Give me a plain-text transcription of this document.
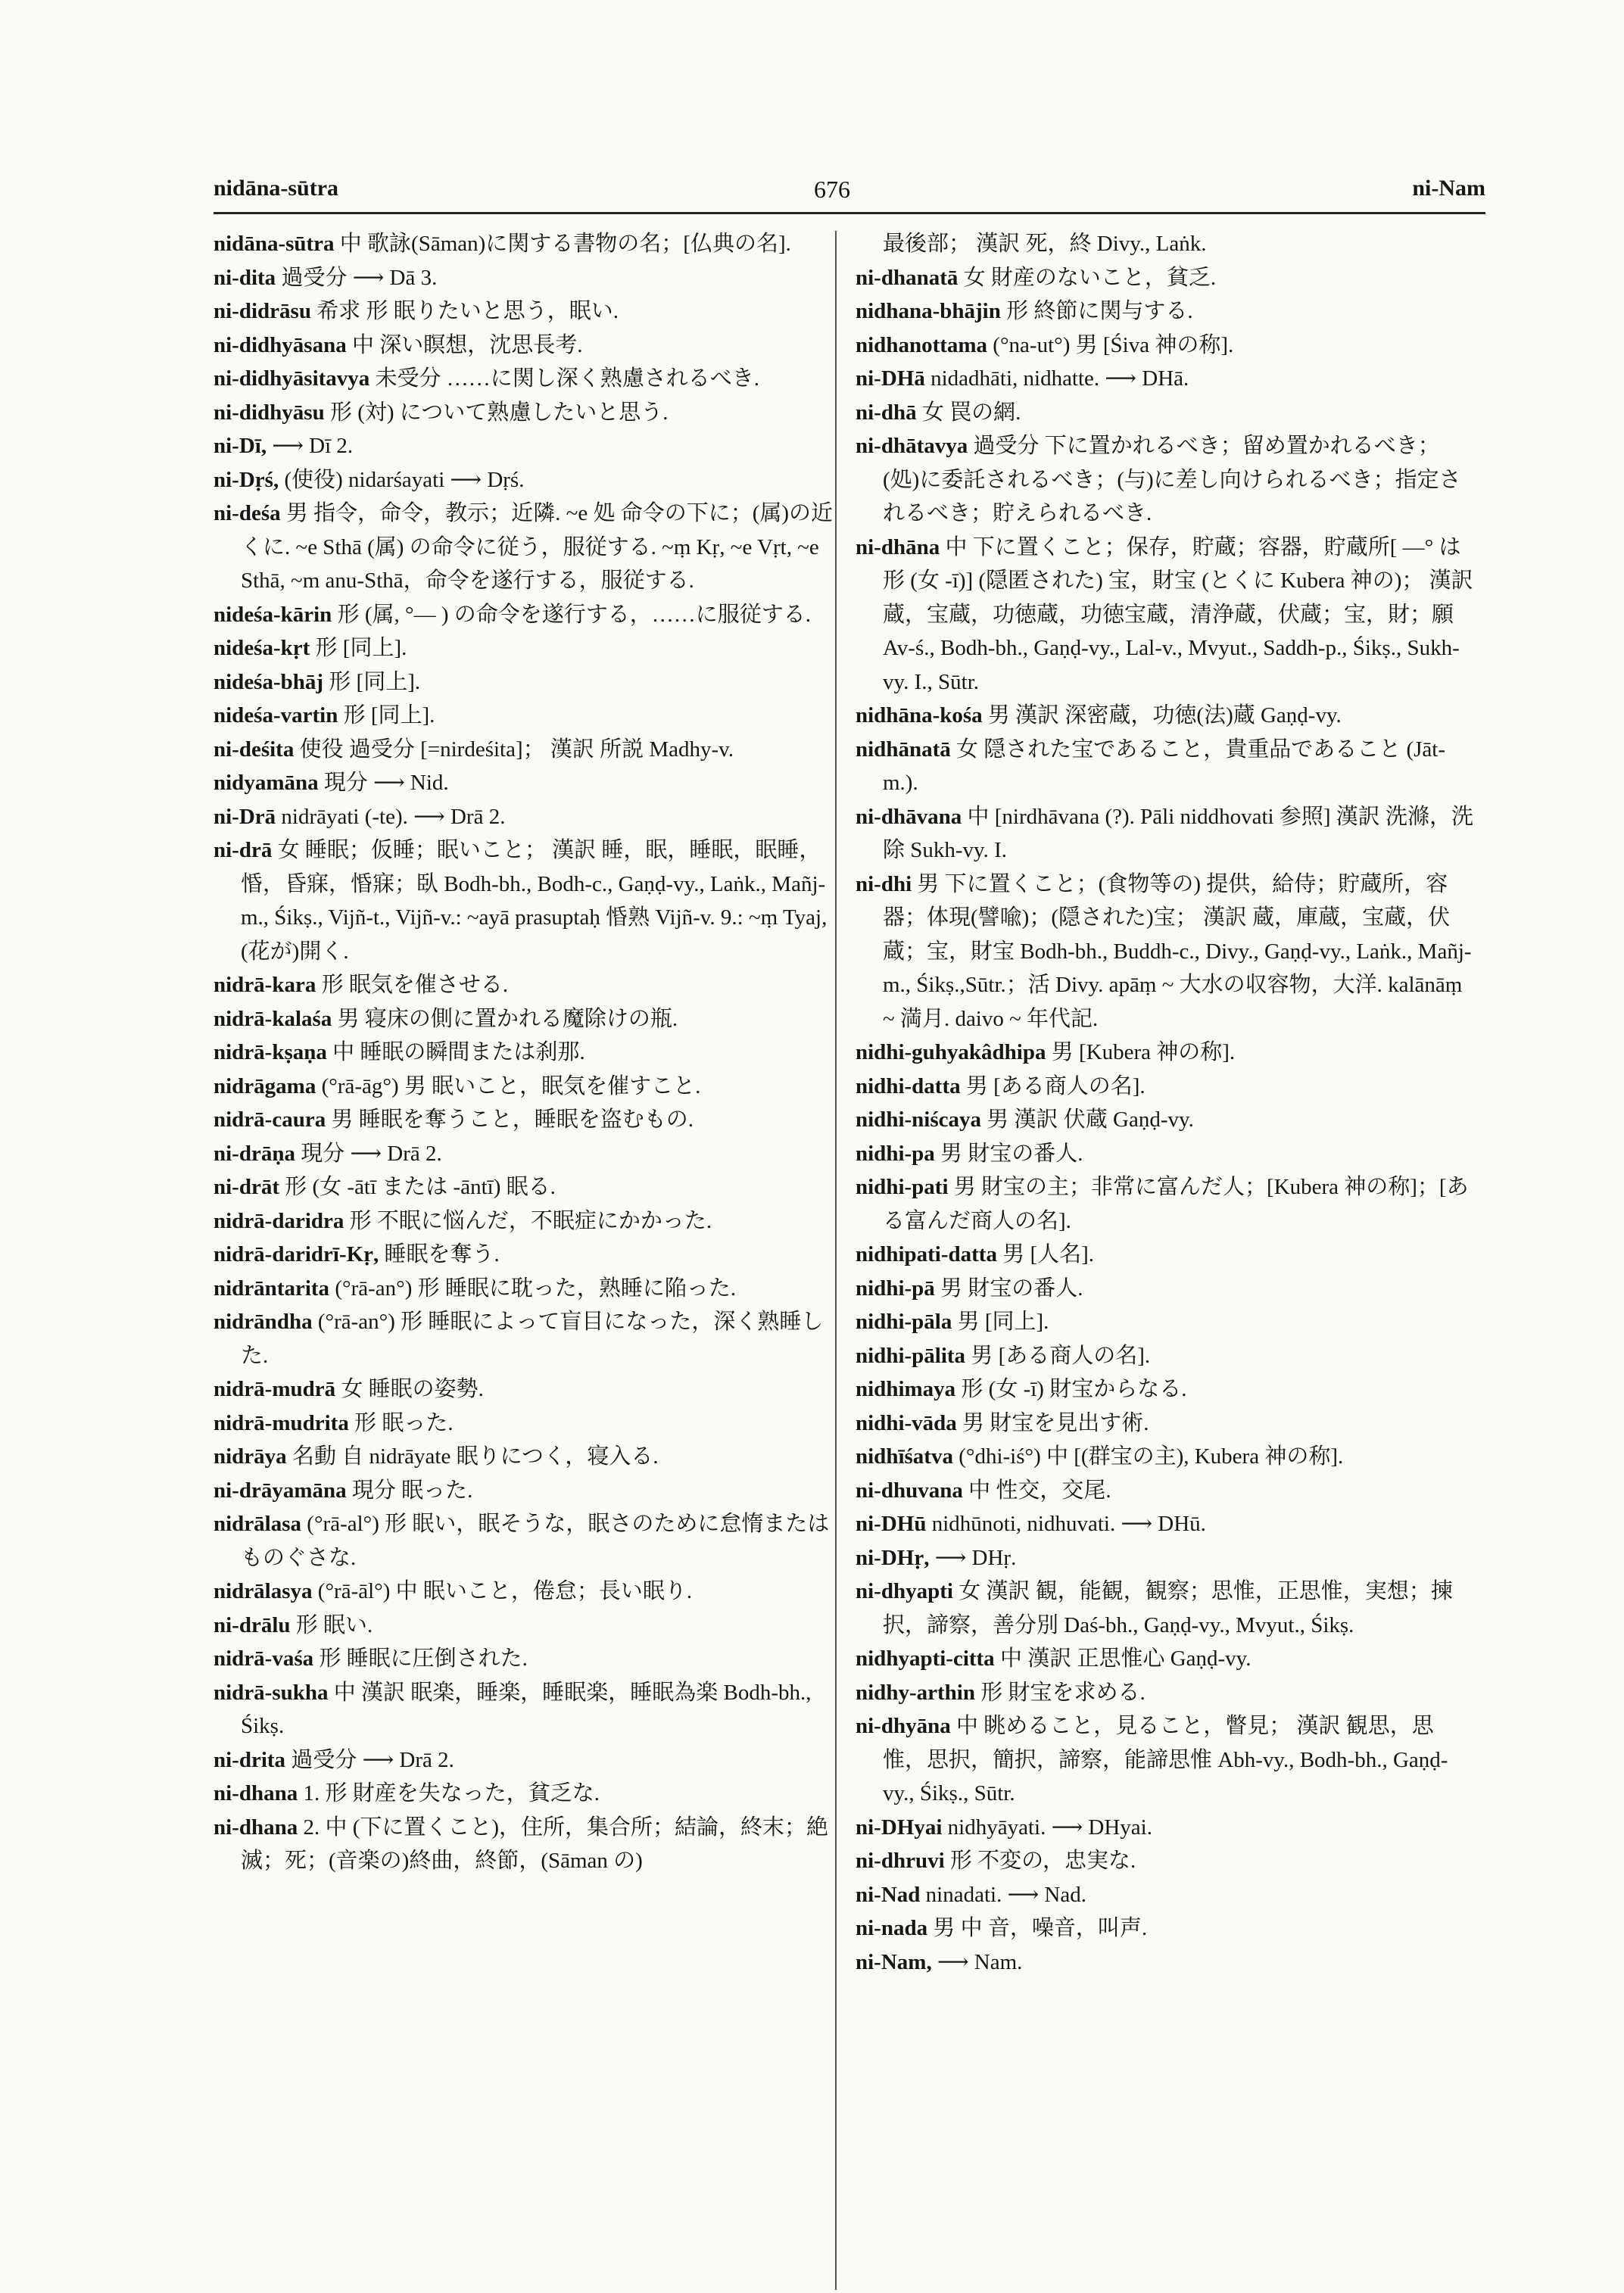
nidāna-sūtra	676	ni-Nam
nidāna-sūtra 中 歌詠(Sāman)に関する書物の名；[仏典の名].
ni-dita 過受分 ⟶ Dā 3.
ni-didrāsu 希求 形 眠りたいと思う，眠い.
ni-didhyāsana 中 深い瞑想，沈思長考.
ni-didhyāsitavya 未受分 ……に関し深く熟慮されるべき.
ni-didhyāsu 形 (対) について熟慮したいと思う.
ni-Dī, ⟶ Dī 2.
ni-Dṛś, (使役) nidarśayati ⟶ Dṛś.
ni-deśa 男 指令，命令，教示；近隣. ~e 処 命令の下に；(属)の近くに. ~e Sthā (属) の命令に従う，服従する. ~ṃ Kṛ, ~e Vṛt, ~e Sthā, ~m anu-Sthā，命令を遂行する，服従する.
nideśa-kārin 形 (属, °— ) の命令を遂行する，……に服従する.
nideśa-kṛt 形 [同上].
nideśa-bhāj 形 [同上].
nideśa-vartin 形 [同上].
ni-deśita 使役 過受分 [=nirdeśita]； 漢訳 所説 Madhy-v.
nidyamāna 現分 ⟶ Nid.
ni-Drā nidrāyati (-te). ⟶ Drā 2.
ni-drā 女 睡眠；仮睡；眠いこと； 漢訳 睡，眠，睡眠，眠睡，惛，昏寐，惛寐；臥 Bodh-bh., Bodh-c., Gaṇḍ-vy., Laṅk., Mañj-m., Śikṣ., Vijñ-t., Vijñ-v.: ~ayā prasuptaḥ 惛熟 Vijñ-v. 9.: ~ṃ Tyaj, (花が)開く.
nidrā-kara 形 眠気を催させる.
nidrā-kalaśa 男 寝床の側に置かれる魔除けの瓶.
nidrā-kṣaṇa 中 睡眠の瞬間または刹那.
nidrāgama (°rā-āg°) 男 眠いこと，眠気を催すこと.
nidrā-caura 男 睡眠を奪うこと，睡眠を盗むもの.
ni-drāṇa 現分 ⟶ Drā 2.
ni-drāt 形 (女 -ātī または -āntī) 眠る.
nidrā-daridra 形 不眠に悩んだ，不眠症にかかった.
nidrā-daridrī-Kṛ, 睡眠を奪う.
nidrāntarita (°rā-an°) 形 睡眠に耽った，熟睡に陥った.
nidrāndha (°rā-an°) 形 睡眠によって盲目になった，深く熟睡した.
nidrā-mudrā 女 睡眠の姿勢.
nidrā-mudrita 形 眠った.
nidrāya 名動 自 nidrāyate 眠りにつく，寝入る.
ni-drāyamāna 現分 眠った.
nidrālasa (°rā-al°) 形 眠い，眠そうな，眠さのために怠惰またはものぐさな.
nidrālasya (°rā-āl°) 中 眠いこと，倦怠；長い眠り.
ni-drālu 形 眠い.
nidrā-vaśa 形 睡眠に圧倒された.
nidrā-sukha 中 漢訳 眠楽，睡楽，睡眠楽，睡眠為楽 Bodh-bh., Śikṣ.
ni-drita 過受分 ⟶ Drā 2.
ni-dhana 1. 形 財産を失なった，貧乏な.
ni-dhana 2. 中 (下に置くこと)，住所，集合所；結論，終末；絶滅；死；(音楽の)終曲，終節，(Sāman の)
最後部； 漢訳 死，終 Divy., Laṅk.
ni-dhanatā 女 財産のないこと，貧乏.
nidhana-bhājin 形 終節に関与する.
nidhanottama (°na-ut°) 男 [Śiva 神の称].
ni-DHā nidadhāti, nidhatte. ⟶ DHā.
ni-dhā 女 罠の網.
ni-dhātavya 過受分 下に置かれるべき；留め置かれるべき；(処)に委託されるべき；(与)に差し向けられるべき；指定されるべき；貯えられるべき.
ni-dhāna 中 下に置くこと；保存，貯蔵；容器，貯蔵所[ —° は形 (女 -ī)] (隠匿された) 宝，財宝 (とくに Kubera 神の)； 漢訳 蔵，宝蔵，功徳蔵，功徳宝蔵，清浄蔵，伏蔵；宝，財；願 Av-ś., Bodh-bh., Gaṇḍ-vy., Lal-v., Mvyut., Saddh-p., Śikṣ., Sukh-vy. I., Sūtr.
nidhāna-kośa 男 漢訳 深密蔵，功徳(法)蔵 Gaṇḍ-vy.
nidhānatā 女 隠された宝であること，貴重品であること (Jāt-m.).
ni-dhāvana 中 [nirdhāvana (?). Pāli niddhovati 参照] 漢訳 洗滌，洗除 Sukh-vy. I.
ni-dhi 男 下に置くこと；(食物等の) 提供，給侍；貯蔵所，容器；体現(譬喩)；(隠された)宝； 漢訳 蔵，庫蔵，宝蔵，伏蔵；宝，財宝 Bodh-bh., Buddh-c., Divy., Gaṇḍ-vy., Laṅk., Mañj-m., Śikṣ.,Sūtr.；活 Divy. apāṃ ~ 大水の収容物，大洋. kalānāṃ ~ 満月. daivo ~ 年代記.
nidhi-guhyakâdhipa 男 [Kubera 神の称].
nidhi-datta 男 [ある商人の名].
nidhi-niścaya 男 漢訳 伏蔵 Gaṇḍ-vy.
nidhi-pa 男 財宝の番人.
nidhi-pati 男 財宝の主；非常に富んだ人；[Kubera 神の称]；[ある富んだ商人の名].
nidhipati-datta 男 [人名].
nidhi-pā 男 財宝の番人.
nidhi-pāla 男 [同上].
nidhi-pālita 男 [ある商人の名].
nidhimaya 形 (女 -ī) 財宝からなる.
nidhi-vāda 男 財宝を見出す術.
nidhīśatva (°dhi-iś°) 中 [(群宝の主), Kubera 神の称].
ni-dhuvana 中 性交，交尾.
ni-DHū nidhūnoti, nidhuvati. ⟶ DHū.
ni-DHṛ, ⟶ DHṛ.
ni-dhyapti 女 漢訳 観，能観，観察；思惟，正思惟，実想；揀択，諦察，善分別 Daś-bh., Gaṇḍ-vy., Mvyut., Śikṣ.
nidhyapti-citta 中 漢訳 正思惟心 Gaṇḍ-vy.
nidhy-arthin 形 財宝を求める.
ni-dhyāna 中 眺めること，見ること，瞥見； 漢訳 観思，思惟，思択，簡択，諦察，能諦思惟 Abh-vy., Bodh-bh., Gaṇḍ-vy., Śikṣ., Sūtr.
ni-DHyai nidhyāyati. ⟶ DHyai.
ni-dhruvi 形 不変の，忠実な.
ni-Nad ninadati. ⟶ Nad.
ni-nada 男 中 音，噪音，叫声.
ni-Nam, ⟶ Nam.
